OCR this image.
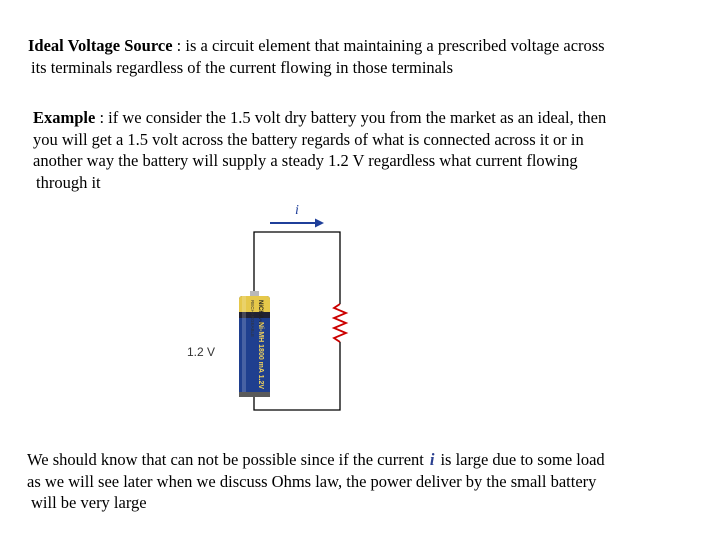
Ideal Voltage Source : is a circuit element that maintaining a prescribed voltage across
its terminals regardless of the current flowing in those terminals
Example : if we consider the 1.5 volt dry battery you from the market as an ideal, then
you will get a 1.5 volt across the battery regards of what is connected across it or in
another way the battery will supply a steady 1.2 V regardless what current flowing
through it
i
1.2 V
NiCHA-A
RECHARGEABLE
Ni-MH 1800 mA 1.2V
We should know that can not be possible since if the current i is large due to some load
as we will see later when we discuss Ohms law, the power deliver by the small battery
will be very large
